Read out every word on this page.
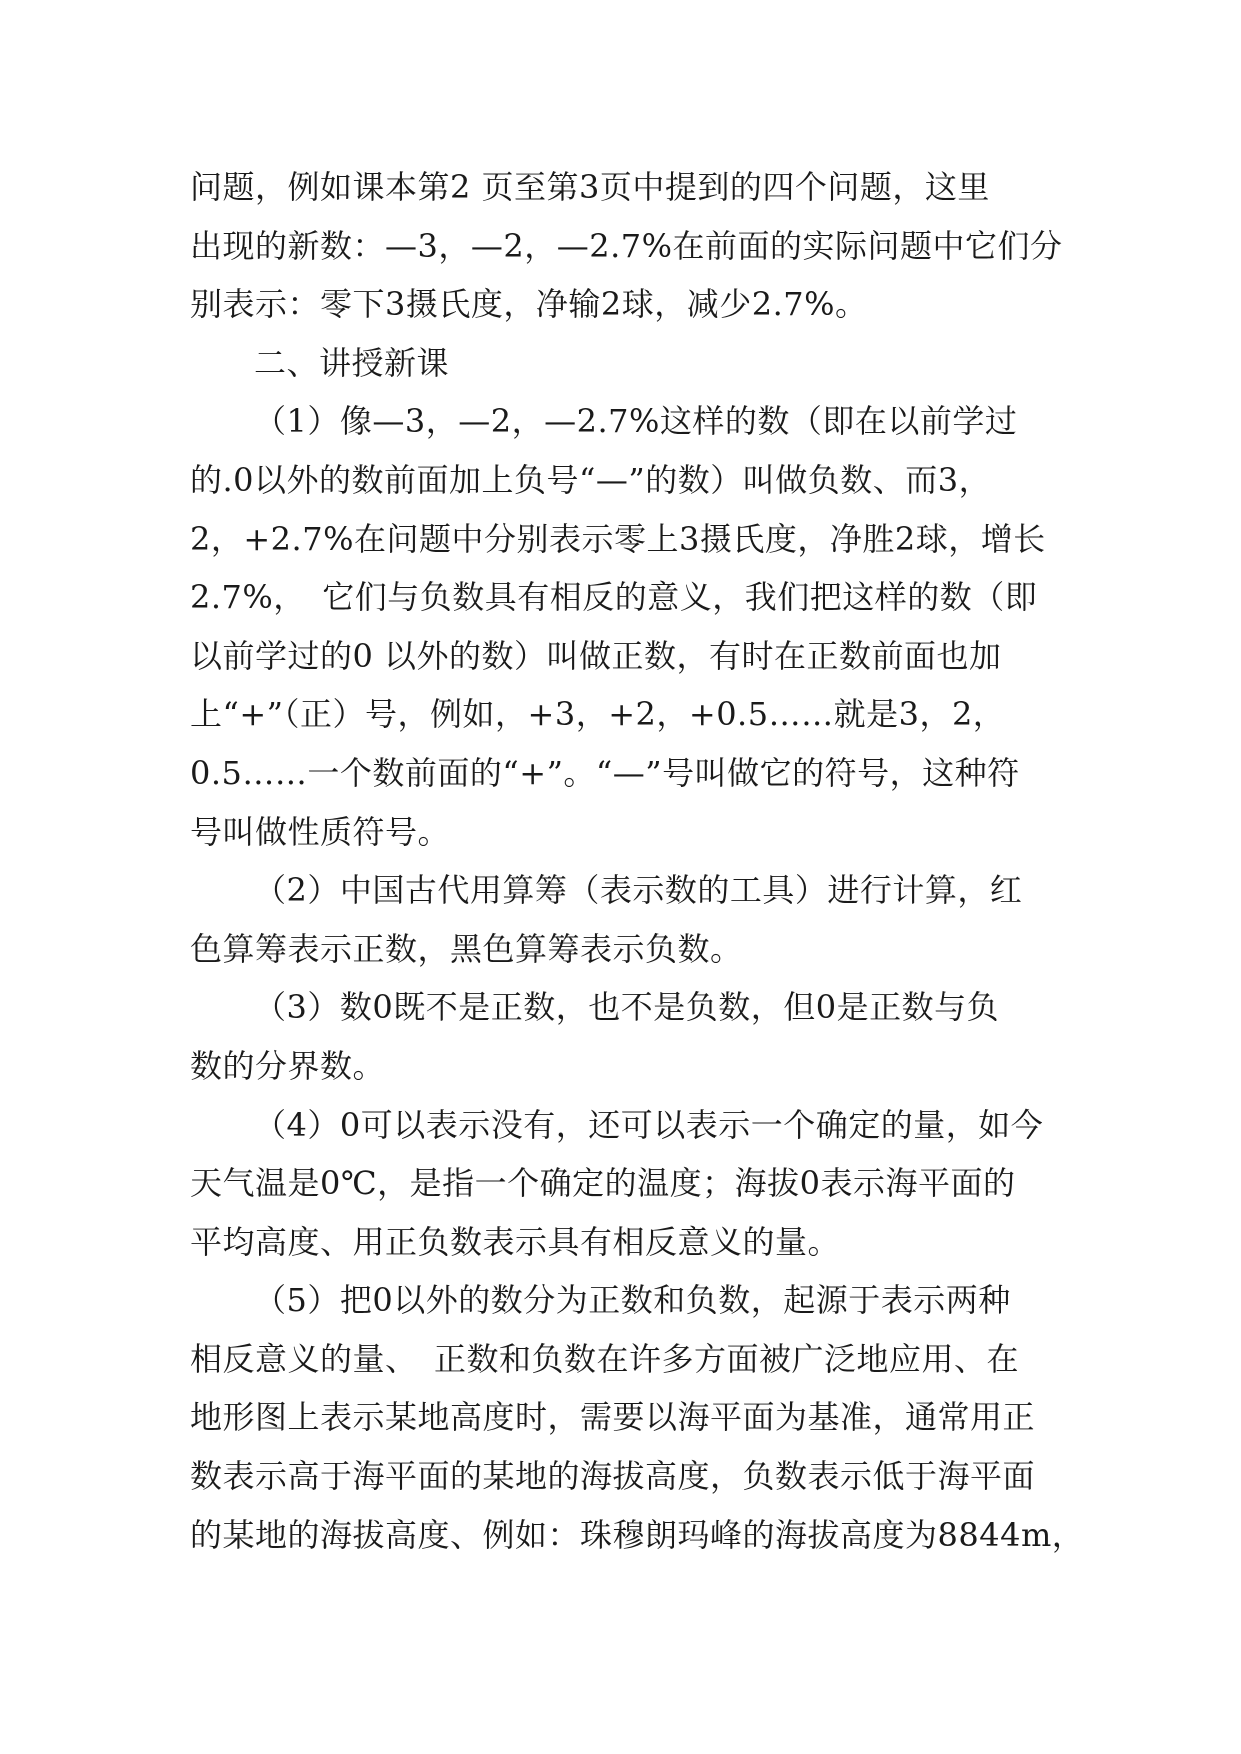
问题，例如课本第2 页至第3页中提到的四个问题，这里
出现的新数：—3，—2，—2.7%在前面的实际问题中它们分
别表示：零下3摄氏度，净输2球，减少2.7%。
二、讲授新课
（1）像—3，—2，—2.7%这样的数（即在以前学过
的.0以外的数前面加上负号“—”的数）叫做负数、而3，
2，+2.7%在问题中分别表示零上3摄氏度，净胜2球，增长
2.7%，　它们与负数具有相反的意义，我们把这样的数（即
以前学过的0 以外的数）叫做正数，有时在正数前面也加
上“+”（正）号，例如，+3，+2，+0.5……就是3，2，
0.5……一个数前面的“+”。“—”号叫做它的符号，这种符
号叫做性质符号。
（2）中国古代用算筹（表示数的工具）进行计算，红
色算筹表示正数，黑色算筹表示负数。
（3）数0既不是正数，也不是负数，但0是正数与负
数的分界数。
（4）0可以表示没有，还可以表示一个确定的量，如今
天气温是0℃，是指一个确定的温度；海拔0表示海平面的
平均高度、用正负数表示具有相反意义的量。
（5）把0以外的数分为正数和负数，起源于表示两种
相反意义的量、　正数和负数在许多方面被广泛地应用、在
地形图上表示某地高度时，需要以海平面为基准，通常用正
数表示高于海平面的某地的海拔高度，负数表示低于海平面
的某地的海拔高度、例如：珠穆朗玛峰的海拔高度为8844m，
